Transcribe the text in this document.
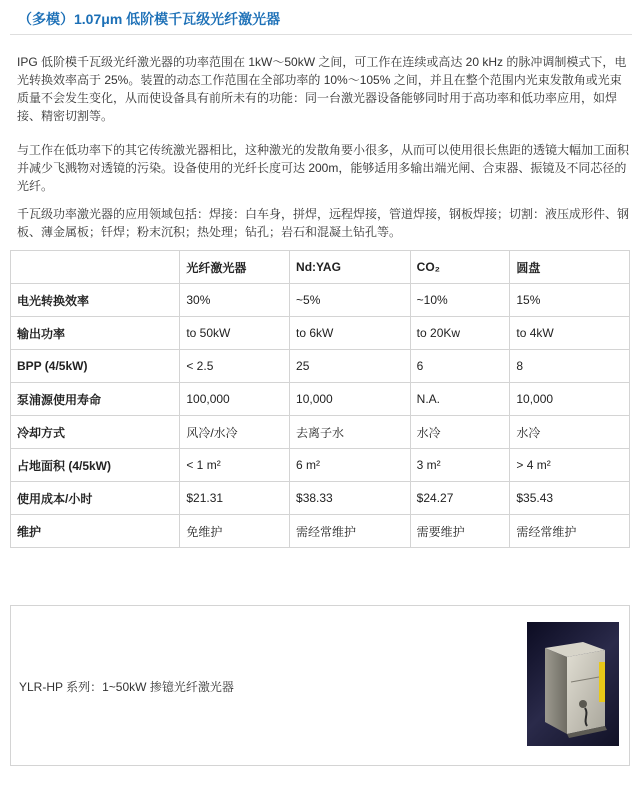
（多模）1.07μm 低阶模千瓦级光纤激光器

IPG 低阶模千瓦级光纤激光器的功率范围在 1kW～50kW 之间，可工作在连续或高达 20 kHz 的脉冲调制模式下，电光转换效率高于 25%。装置的动态工作范围在全部功率的 10%～105% 之间，并且在整个范围内光束发散角或光束质量不会发生变化，从而使设备具有前所未有的功能：同一台激光器设备能够同时用于高功率和低功率应用，如焊接、精密切割等。

与工作在低功率下的其它传统激光器相比，这种激光的发散角要小很多，从而可以使用很长焦距的透镜大幅加工面积并减少飞溅物对透镜的污染。设备使用的光纤长度可达 200m，能够适用多输出端光闸、合束器、振镜及不同芯径的光纤。

千瓦级功率激光器的应用领域包括：焊接：白车身，拼焊，远程焊接，管道焊接，钢板焊接；切割：液压成形件、钢板、薄金属板；钎焊；粉末沉积；热处理；钻孔；岩石和混凝土钻孔等。

	光纤激光器	Nd:YAG	CO₂	圆盘
电光转换效率	30%	~5%	~10%	15%
输出功率	to 50kW	to 6kW	to 20Kw	to 4kW
BPP (4/5kW)	< 2.5	25	6	8
泵浦源使用寿命	100,000	10,000	N.A.	10,000
冷却方式	风冷/水冷	去离子水	水冷	水冷
占地面积 (4/5kW)	< 1 m²	6 m²	3 m²	> 4 m²
使用成本/小时	$21.31	$38.33	$24.27	$35.43
维护	免维护	需经常维护	需要维护	需经常维护
YLR-HP 系列：1~50kW 掺镱光纤激光器
